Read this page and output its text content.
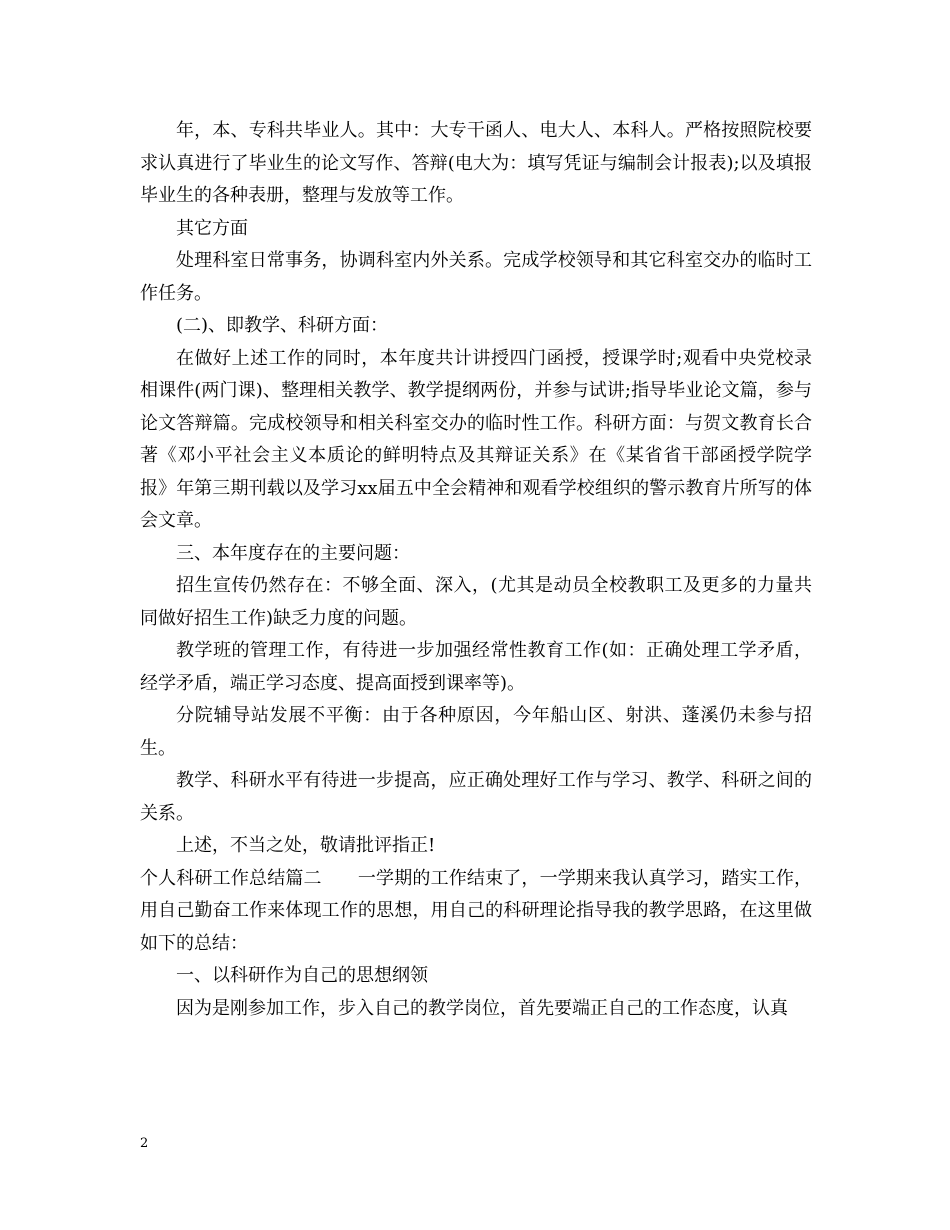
年，本、专科共毕业人。其中：大专干函人、电大人、本科人。严格按照院校要求认真进行了毕业生的论文写作、答辩(电大为：填写凭证与编制会计报表);以及填报毕业生的各种表册，整理与发放等工作。

其它方面

处理科室日常事务，协调科室内外关系。完成学校领导和其它科室交办的临时工作任务。

(二)、即教学、科研方面：

在做好上述工作的同时，本年度共计讲授四门函授，授课学时;观看中央党校录相课件(两门课)、整理相关教学、教学提纲两份，并参与试讲;指导毕业论文篇，参与论文答辩篇。完成校领导和相关科室交办的临时性工作。科研方面：与贺文教育长合著《邓小平社会主义本质论的鲜明特点及其辩证关系》在《某省省干部函授学院学报》年第三期刊载以及学习xx届五中全会精神和观看学校组织的警示教育片所写的体会文章。

三、本年度存在的主要问题：

招生宣传仍然存在：不够全面、深入，(尤其是动员全校教职工及更多的力量共同做好招生工作)缺乏力度的问题。

教学班的管理工作，有待进一步加强经常性教育工作(如：正确处理工学矛盾，经学矛盾，端正学习态度、提高面授到课率等)。

分院辅导站发展不平衡：由于各种原因，今年船山区、射洪、蓬溪仍未参与招生。

教学、科研水平有待进一步提高，应正确处理好工作与学习、教学、科研之间的关系。

上述，不当之处，敬请批评指正!

个人科研工作总结篇二 一学期的工作结束了，一学期来我认真学习，踏实工作，用自己勤奋工作来体现工作的思想，用自己的科研理论指导我的教学思路，在这里做如下的总结：

一、以科研作为自己的思想纲领

因为是刚参加工作，步入自己的教学岗位，首先要端正自己的工作态度，认真

2
